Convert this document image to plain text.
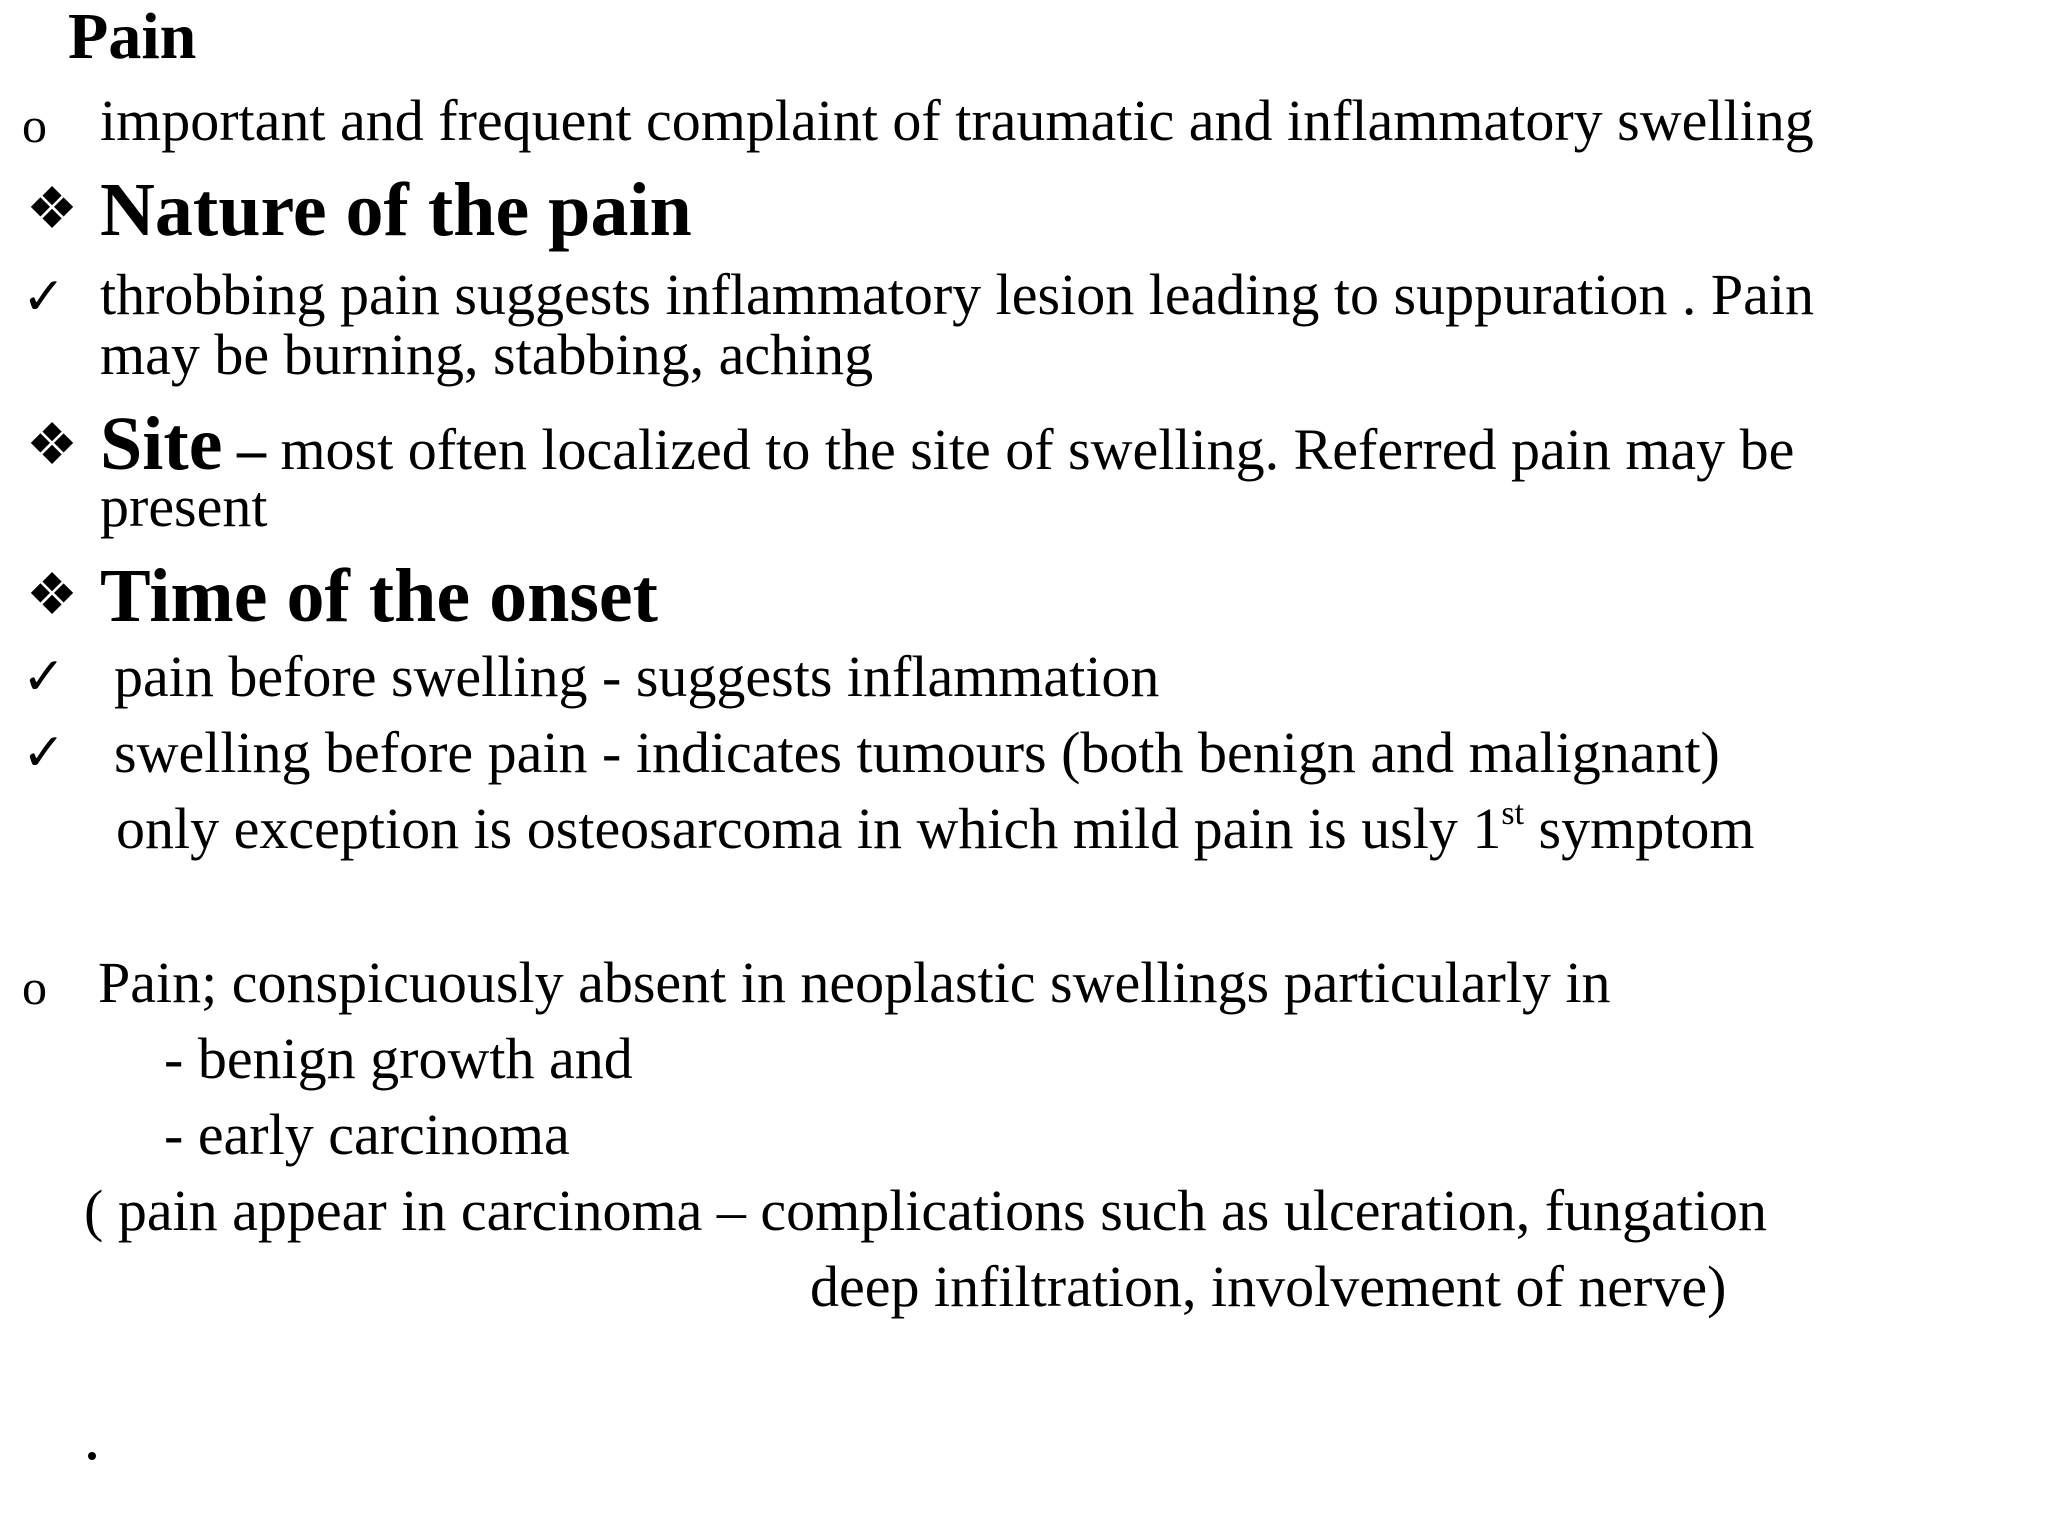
Pain
o important and frequent complaint of traumatic and inflammatory swelling
❖ Nature of the pain
✓ throbbing pain suggests inflammatory lesion leading to suppuration . Pain
may be burning, stabbing, aching
❖ Site – most often localized to the site of swelling. Referred pain may be
present
❖ Time of the onset
✓ pain before swelling - suggests inflammation
✓ swelling before pain - indicates tumours (both benign and malignant)
only exception is osteosarcoma in which mild pain is usly 1st symptom
o Pain; conspicuously absent in neoplastic swellings particularly in
- benign growth and
- early carcinoma
( pain appear in carcinoma – complications such as ulceration, fungation
deep infiltration, involvement of nerve)
